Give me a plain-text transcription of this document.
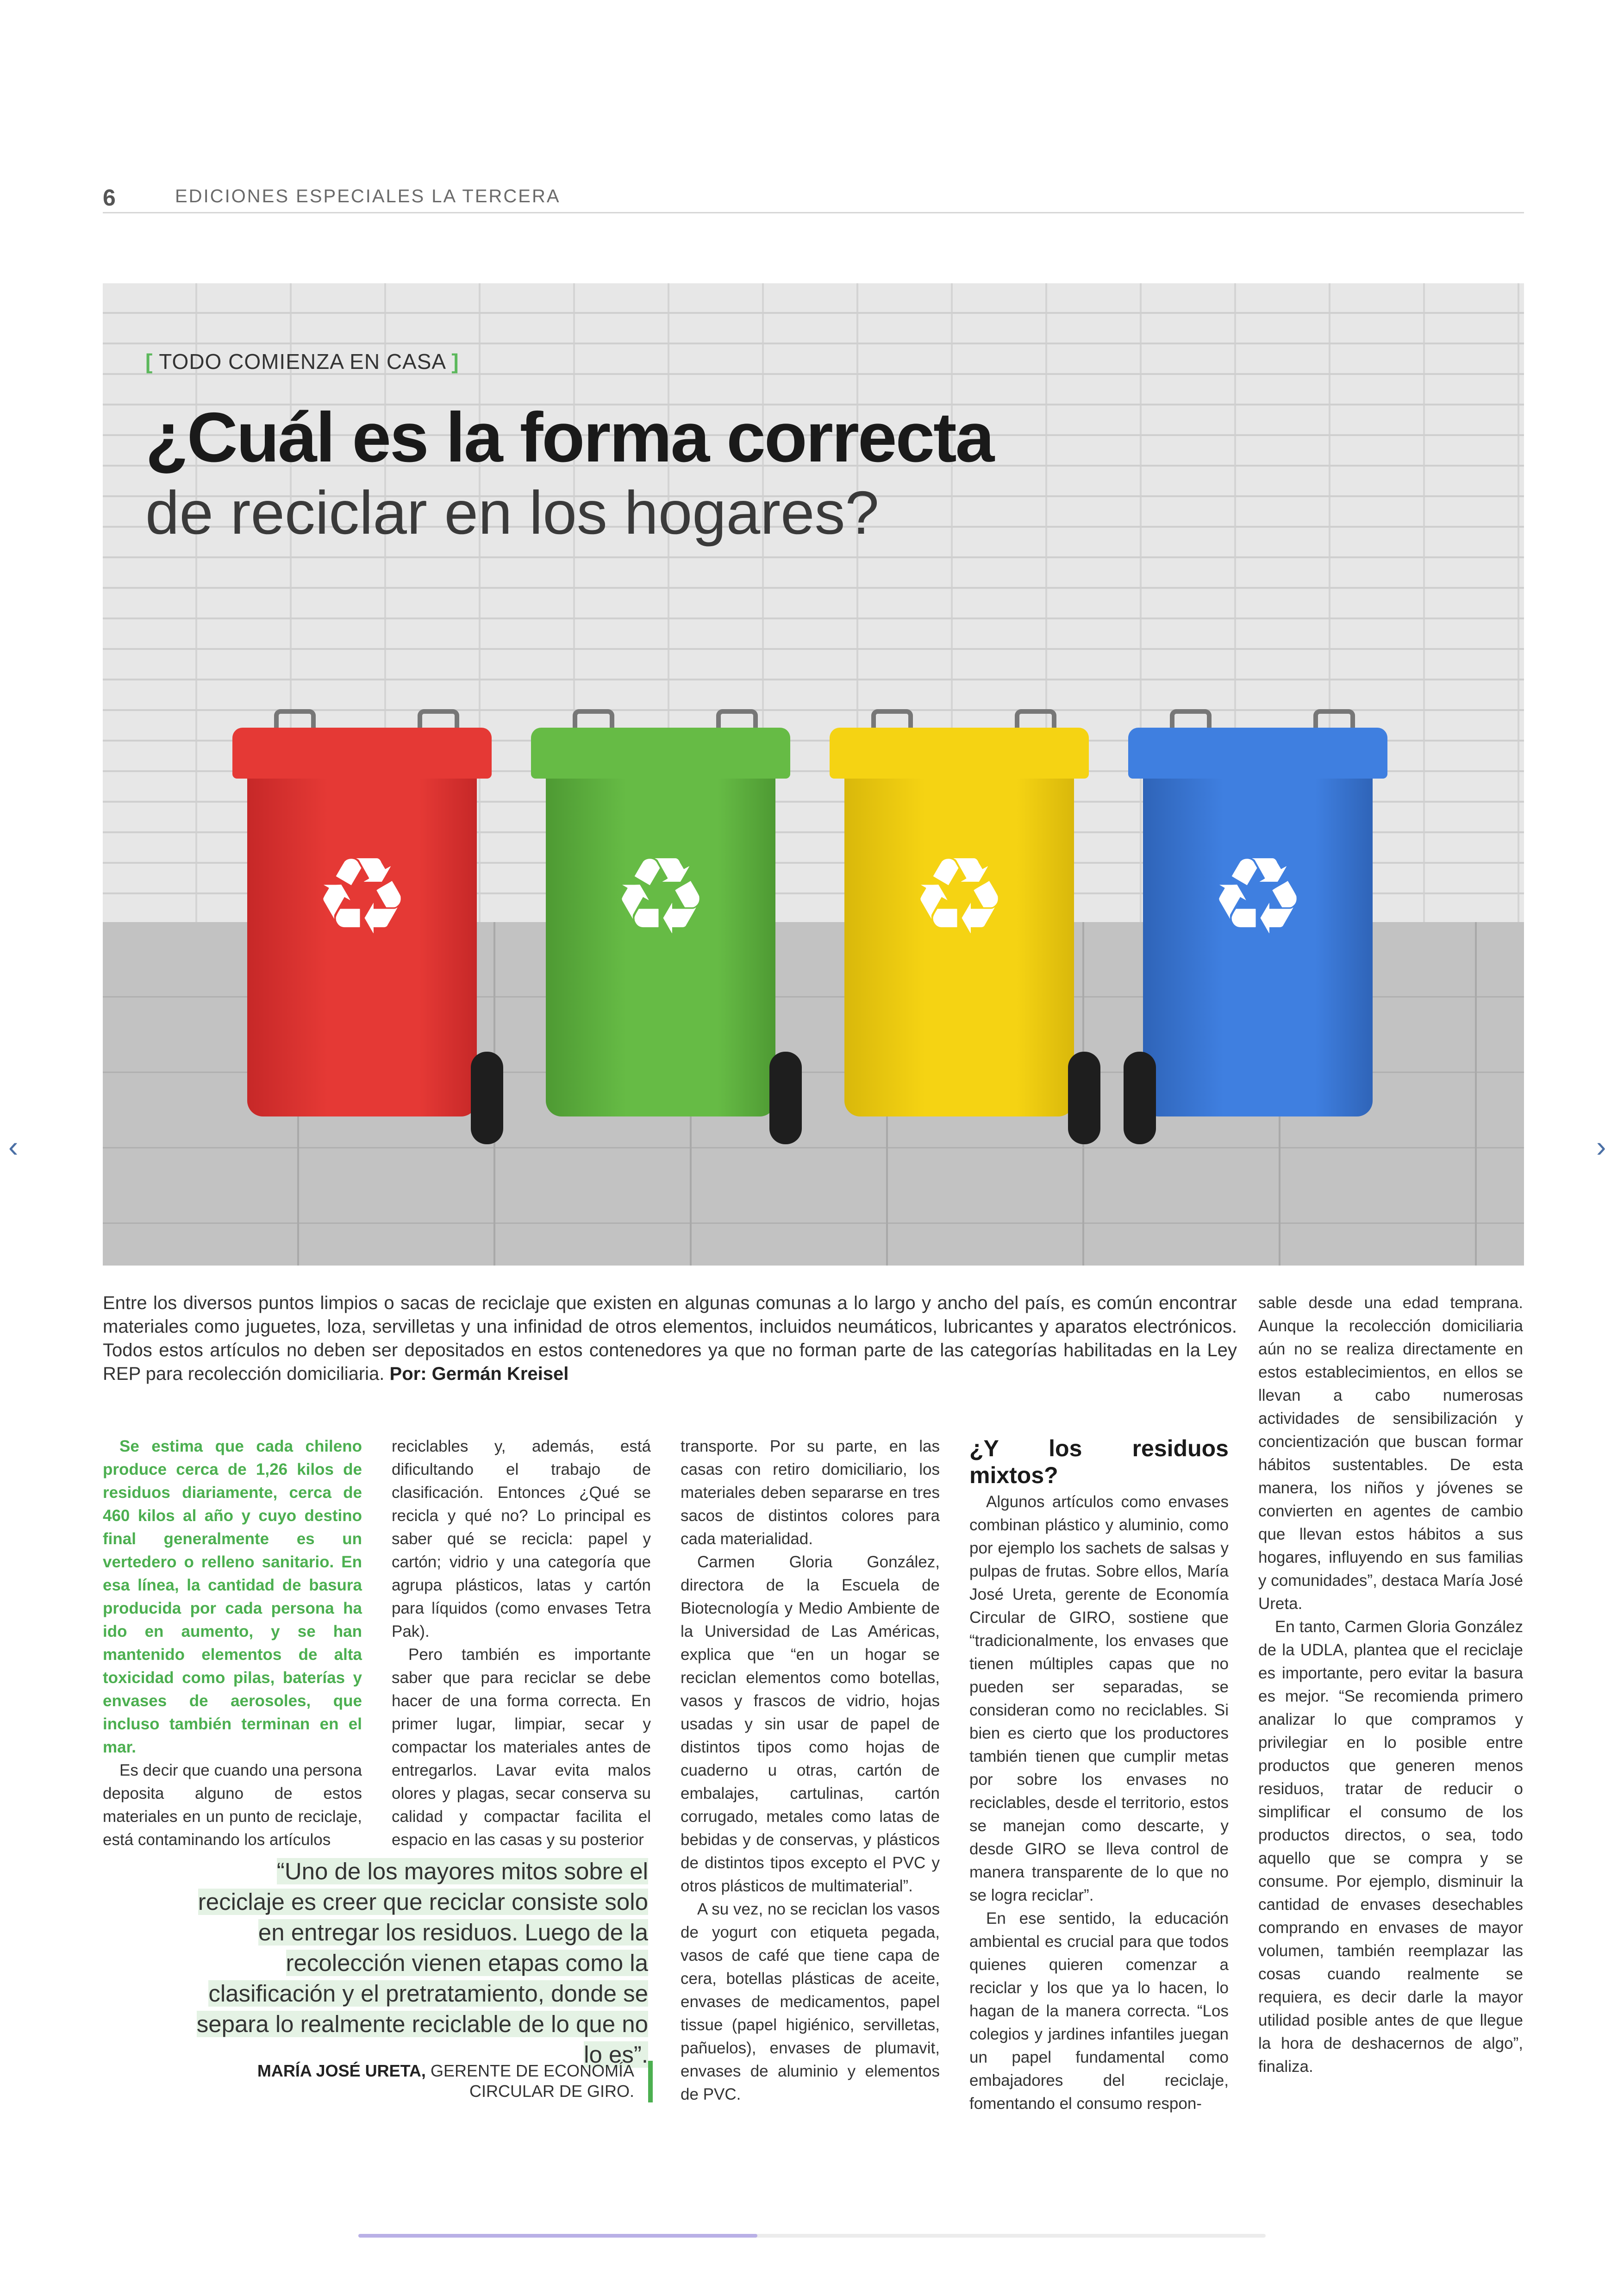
6	EDICIONES ESPECIALES LA TERCERA
[ TODO COMIENZA EN CASA ]
¿Cuál es la forma correcta
de reciclar en los hogares?
♻ ♻ ♻ ♻
Entre los diversos puntos limpios o sacas de reciclaje que existen en algunas comunas a lo largo y ancho del país, es común encontrar materiales como juguetes, loza, servilletas y una infinidad de otros elementos, incluidos neumáticos, lubricantes y aparatos electrónicos. Todos estos artículos no deben ser depositados en estos contenedores ya que no forman parte de las categorías habilitadas en la Ley REP para recolección domiciliaria. Por: Germán Kreisel

Se estima que cada chileno produce cerca de 1,26 kilos de residuos diariamente, cerca de 460 kilos al año y cuyo destino final generalmente es un vertedero o relleno sanitario. En esa línea, la cantidad de basura producida por cada persona ha ido en aumento, y se han mantenido elementos de alta toxicidad como pilas, baterías y envases de aerosoles, que incluso también terminan en el mar.

Es decir que cuando una persona deposita alguno de estos materiales en un punto de reciclaje, está contaminando los artículos

reciclables y, además, está dificultando el trabajo de clasificación. Entonces ¿Qué se recicla y qué no? Lo principal es saber qué se recicla: papel y cartón; vidrio y una categoría que agrupa plásticos, latas y cartón para líquidos (como envases Tetra Pak).

Pero también es importante saber que para reciclar se debe hacer de una forma correcta. En primer lugar, limpiar, secar y compactar los materiales antes de entregarlos. Lavar evita malos olores y plagas, secar conserva su calidad y compactar facilita el espacio en las casas y su posterior

transporte. Por su parte, en las casas con retiro domiciliario, los materiales deben separarse en tres sacos de distintos colores para cada materialidad.

Carmen Gloria González, directora de la Escuela de Biotecnología y Medio Ambiente de la Universidad de Las Américas, explica que “en un hogar se reciclan elementos como botellas, vasos y frascos de vidrio, hojas usadas y sin usar de papel de distintos tipos como hojas de cuaderno u otras, cartón de embalajes, cartulinas, cartón corrugado, metales como latas de bebidas y de conservas, y plásticos de distintos tipos excepto el PVC y otros plásticos de multimaterial”.

A su vez, no se reciclan los vasos de yogurt con etiqueta pegada, vasos de café que tiene capa de cera, botellas plásticas de aceite, envases de medicamentos, papel tissue (papel higiénico, servilletas, pañuelos), envases de plumavit, envases de aluminio y elementos de PVC.

¿Y los residuos mixtos?

Algunos artículos como envases combinan plástico y aluminio, como por ejemplo los sachets de salsas y pulpas de frutas. Sobre ellos, María José Ureta, gerente de Economía Circular de GIRO, sostiene que “tradicionalmente, los envases que tienen múltiples capas que no pueden ser separadas, se consideran como no reciclables. Si bien es cierto que los productores también tienen que cumplir metas por sobre los envases no reciclables, desde el territorio, estos se manejan como descarte, y desde GIRO se lleva control de manera transparente de lo que no se logra reciclar”.

En ese sentido, la educación ambiental es crucial para que todos quienes quieren comenzar a reciclar y los que ya lo hacen, lo hagan de la manera correcta. “Los colegios y jardines infantiles juegan un papel fundamental como embajadores del reciclaje, fomentando el consumo respon-

sable desde una edad temprana. Aunque la recolección domiciliaria aún no se realiza directamente en estos establecimientos, en ellos se llevan a cabo numerosas actividades de sensibilización y concientización que buscan formar hábitos sustentables. De esta manera, los niños y jóvenes se convierten en agentes de cambio que llevan estos hábitos a sus hogares, influyendo en sus familias y comunidades”, destaca María José Ureta.

En tanto, Carmen Gloria González de la UDLA, plantea que el reciclaje es importante, pero evitar la basura es mejor. “Se recomienda primero analizar lo que compramos y privilegiar en lo posible entre productos que generen menos residuos, tratar de reducir o simplificar el consumo de los productos directos, o sea, todo aquello que se compra y se consume. Por ejemplo, disminuir la cantidad de envases desechables comprando en envases de mayor volumen, también reemplazar las cosas cuando realmente se requiera, es decir darle la mayor utilidad posible antes de que llegue la hora de deshacernos de algo”, finaliza.

“Uno de los mayores mitos sobre el reciclaje es creer que reciclar consiste solo en entregar los residuos. Luego de la recolección vienen etapas como la clasificación y el pretratamiento, donde se separa lo realmente reciclable de lo que no lo es”.
MARÍA JOSÉ URETA, GERENTE DE ECONOMÍA CIRCULAR DE GIRO.
‹	›
